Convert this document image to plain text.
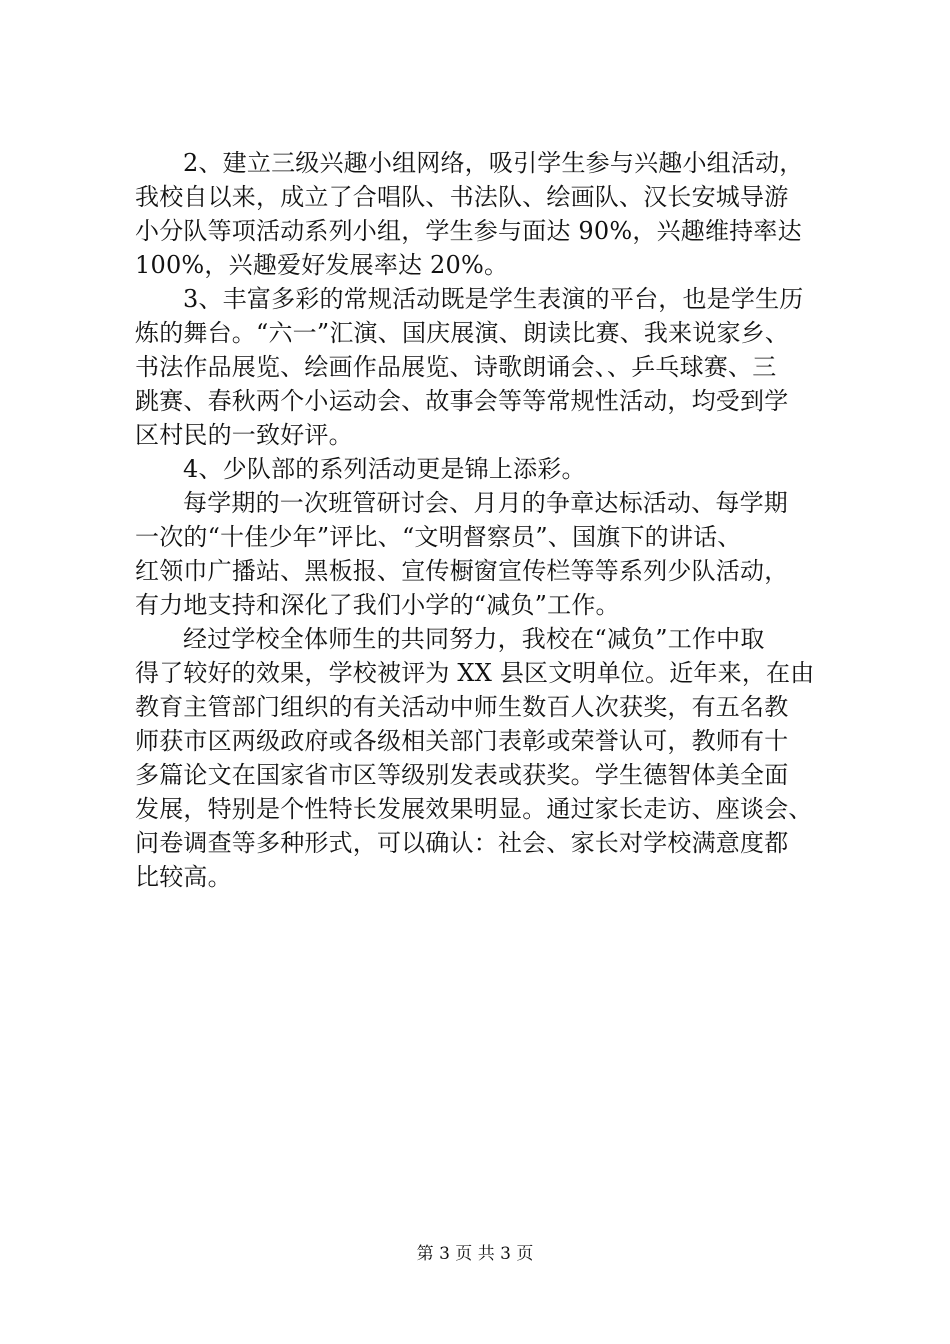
2、建立三级兴趣小组网络，吸引学生参与兴趣小组活动，
我校自以来，成立了合唱队、书法队、绘画队、汉长安城导游
小分队等项活动系列小组，学生参与面达 90%，兴趣维持率达
100%，兴趣爱好发展率达 20%。
3、丰富多彩的常规活动既是学生表演的平台，也是学生历
炼的舞台。“六一”汇演、国庆展演、朗读比赛、我来说家乡、
书法作品展览、绘画作品展览、诗歌朗诵会、、乒乓球赛、三
跳赛、春秋两个小运动会、故事会等等常规性活动，均受到学
区村民的一致好评。
4、少队部的系列活动更是锦上添彩。
每学期的一次班管研讨会、月月的争章达标活动、每学期
一次的“十佳少年”评比、“文明督察员”、国旗下的讲话、
红领巾广播站、黑板报、宣传橱窗宣传栏等等系列少队活动，
有力地支持和深化了我们小学的“减负”工作。
经过学校全体师生的共同努力，我校在“减负”工作中取
得了较好的效果，学校被评为 XX 县区文明单位。近年来，在由
教育主管部门组织的有关活动中师生数百人次获奖，有五名教
师获市区两级政府或各级相关部门表彰或荣誉认可，教师有十
多篇论文在国家省市区等级别发表或获奖。学生德智体美全面
发展，特别是个性特长发展效果明显。通过家长走访、座谈会、
问卷调查等多种形式，可以确认：社会、家长对学校满意度都
比较高。
第 3 页 共 3 页
